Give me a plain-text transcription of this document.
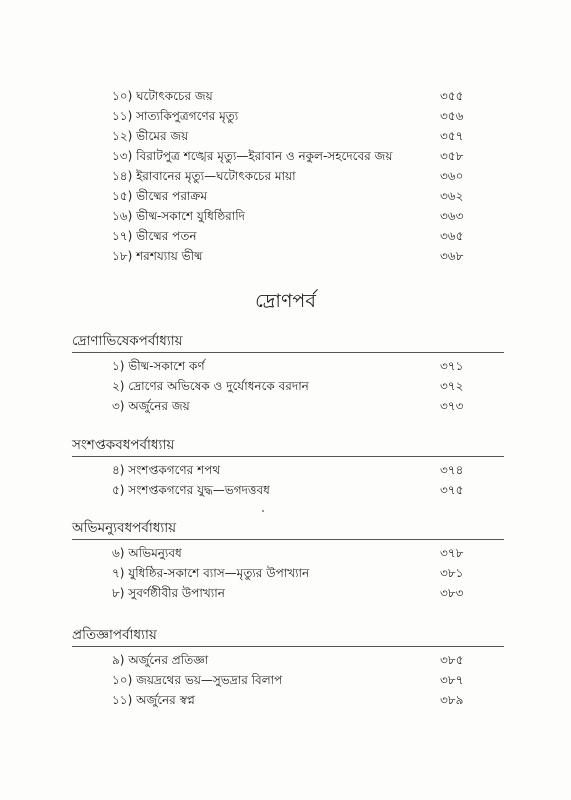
১০) ঘটোৎকচের জয়	৩৫৫
১১) সাত্যকিপুত্রগণের মৃত্যু	৩৫৬
১২) ভীমের জয়	৩৫৭
১৩) বিরাটপুত্র শঙ্খের মৃত্যু—ইরাবান ও নকুল-সহদেবের জয়	৩৫৮
১৪) ইরাবানের মৃত্যু—ঘটোৎকচের মায়া	৩৬০
১৫) ভীষ্মের পরাক্রম	৩৬২
১৬) ভীষ্ম-সকাশে যুধিষ্ঠিরাদি	৩৬৩
১৭) ভীষ্মের পতন	৩৬৫
১৮) শরশয্যায় ভীষ্ম	৩৬৮
দ্রোণপর্ব
দ্রোণাভিষেকপর্বাধ্যায়
১) ভীষ্ম-সকাশে কর্ণ	৩৭১
২) দ্রোণের অভিষেক ও দুর্যোধনকে বরদান	৩৭২
৩) অর্জুনের জয়	৩৭৩
সংশপ্তকবধপর্বাধ্যায়
৪) সংশপ্তকগণের শপথ	৩৭৪
৫) সংশপ্তকগণের যুদ্ধ—ভগদত্তবধ	৩৭৫
অভিমন্যুবধপর্বাধ্যায়
৬) অভিমন্যুবধ	৩৭৮
৭) যুধিষ্ঠির-সকাশে ব্যাস—মৃত্যুর উপাখ্যান	৩৮১
৮) সুবর্ণষ্ঠীবীর উপাখ্যান	৩৮৩
প্রতিজ্ঞাপর্বাধ্যায়
৯) অর্জুনের প্রতিজ্ঞা	৩৮৫
১০) জয়দ্রথের ভয়—সুভদ্রার বিলাপ	৩৮৭
১১) অর্জুনের স্বপ্ন	৩৮৯
